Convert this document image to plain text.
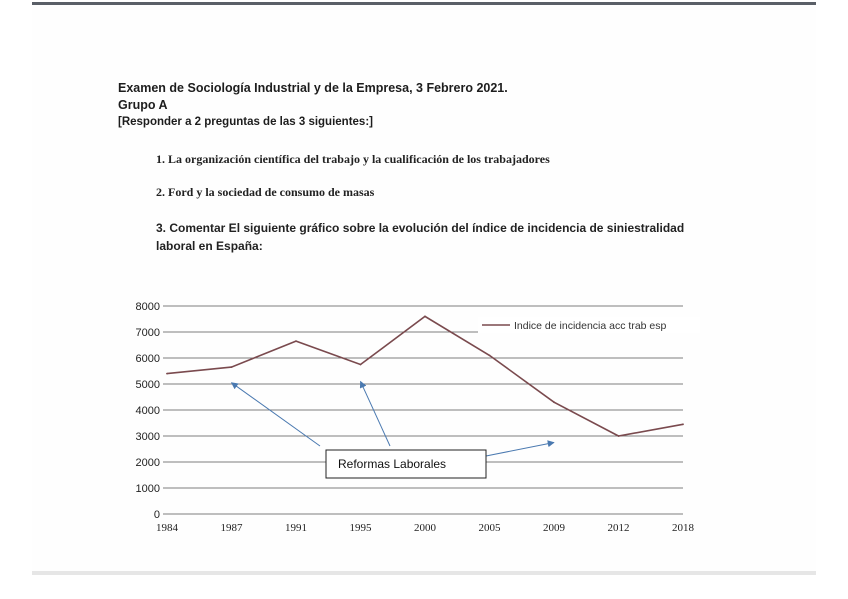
Examen de Sociología Industrial y de la Empresa, 3 Febrero 2021.
Grupo A
[Responder a 2 preguntas de las 3 siguientes:]
1. La organización científica del trabajo y la cualificación de los trabajadores
2. Ford y la sociedad de consumo de masas
3. Comentar El siguiente gráfico sobre la evolución del índice de incidencia de siniestralidad laboral en España:
0
1000
2000
3000
4000
5000
6000
7000
8000
1984	1987	1991	1995	2000	2005	2009	2012	2018
Indice de incidencia acc trab esp
Reformas Laborales
